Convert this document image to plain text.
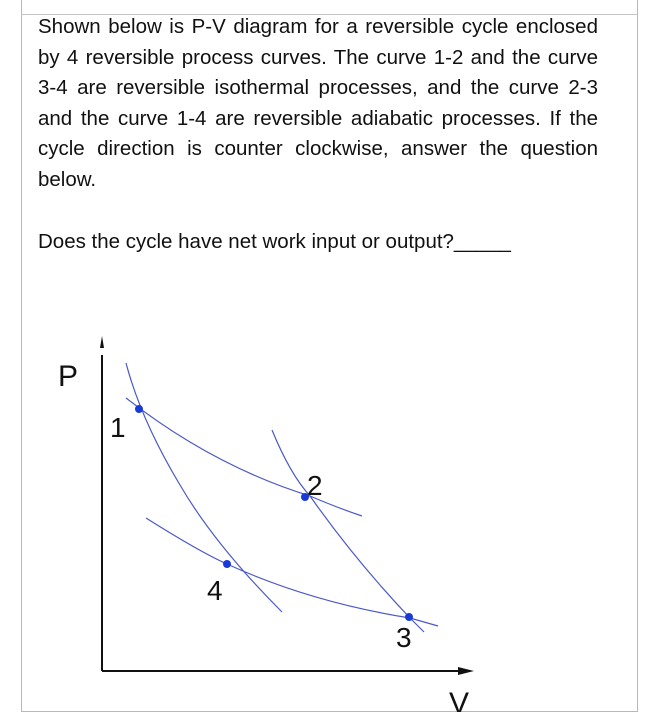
Shown below is P-V diagram for a reversible cycle enclosed by 4 reversible process curves. The curve 1-2 and the curve 3-4 are reversible isothermal processes, and the curve 2-3 and the curve 1-4 are reversible adiabatic processes. If the cycle direction is counter clockwise, answer the question below.

Does the cycle have net work input or output?_____

P
V
1
2
3
4
